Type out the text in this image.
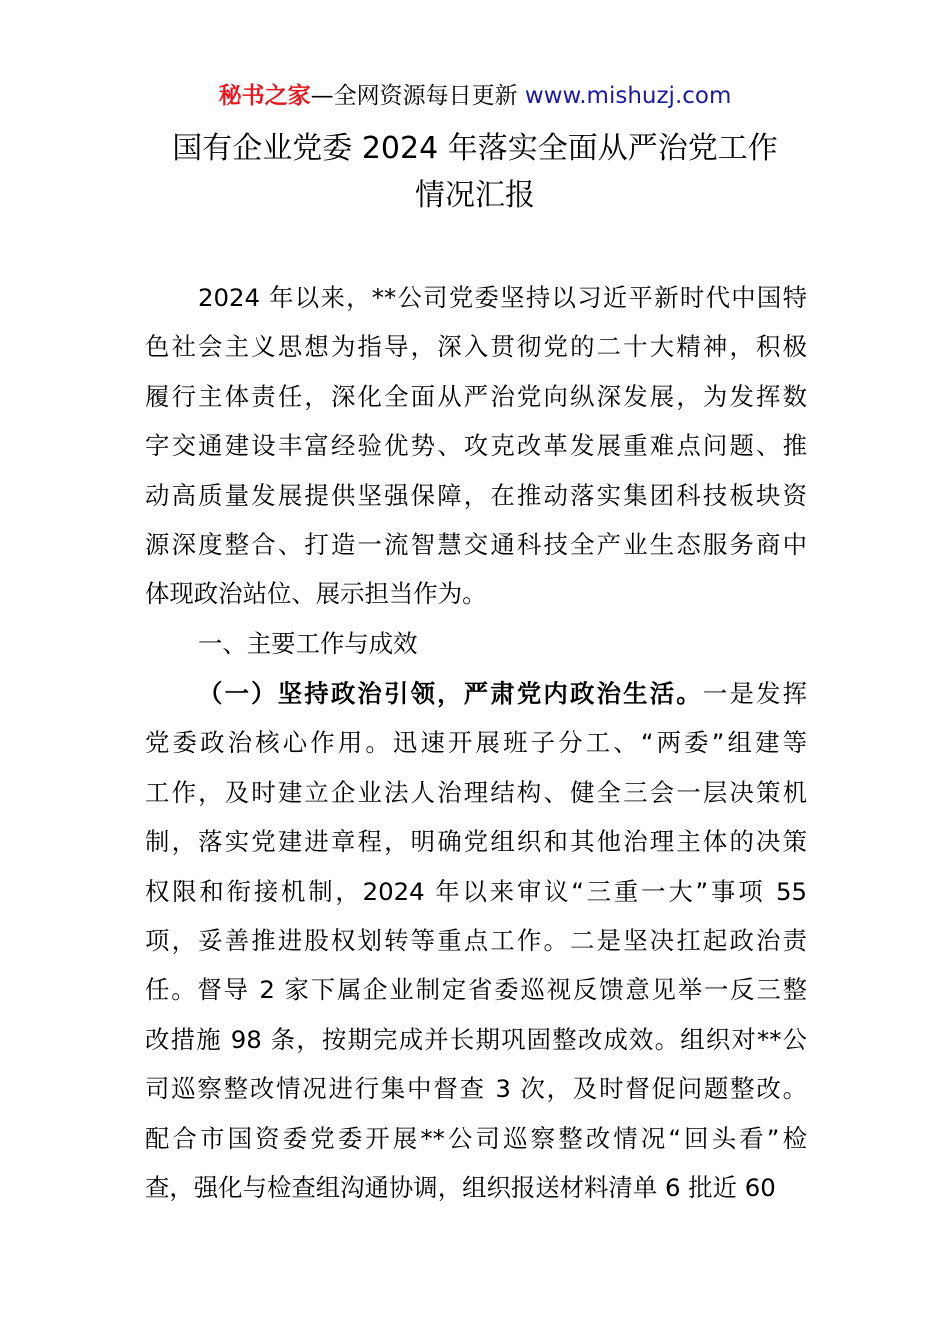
秘书之家—全网资源每日更新 www.mishuzj.com
国有企业党委 2024 年落实全面从严治党工作
情况汇报
2024 年以来，**公司党委坚持以习近平新时代中国特
色社会主义思想为指导，深入贯彻党的二十大精神，积极
履行主体责任，深化全面从严治党向纵深发展，为发挥数
字交通建设丰富经验优势、攻克改革发展重难点问题、推
动高质量发展提供坚强保障，在推动落实集团科技板块资
源深度整合、打造一流智慧交通科技全产业生态服务商中
体现政治站位、展示担当作为。
一、主要工作与成效
（一）坚持政治引领，严肃党内政治生活。一是发挥
党委政治核心作用。迅速开展班子分工、“两委”组建等
工作，及时建立企业法人治理结构、健全三会一层决策机
制，落实党建进章程，明确党组织和其他治理主体的决策
权限和衔接机制，2024 年以来审议“三重一大”事项 55
项，妥善推进股权划转等重点工作。二是坚决扛起政治责
任。督导 2 家下属企业制定省委巡视反馈意见举一反三整
改措施 98 条，按期完成并长期巩固整改成效。组织对**公
司巡察整改情况进行集中督查 3 次，及时督促问题整改。
配合市国资委党委开展**公司巡察整改情况“回头看”检
查，强化与检查组沟通协调，组织报送材料清单 6 批近 60
